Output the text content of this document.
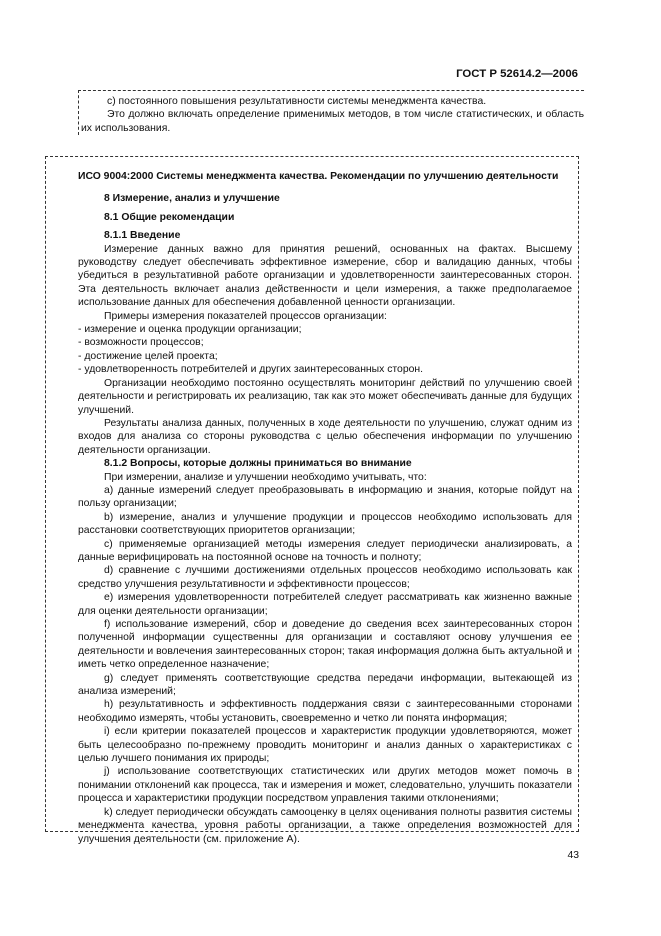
ГОСТ Р 52614.2—2006

c) постоянного повышения результативности системы менеджмента качества.

Это должно включать определение применимых методов, в том числе статистических, и область их использования.

ИСО 9004:2000 Системы менеджмента качества. Рекомендации по улучшению деятельности

8 Измерение, анализ и улучшение

8.1 Общие рекомендации

8.1.1 Введение

Измерение данных важно для принятия решений, основанных на фактах. Высшему руководству следует обеспечивать эффективное измерение, сбор и валидацию данных, чтобы убедиться в результативной работе организации и удовлетворенности заинтересованных сторон. Эта деятельность включает анализ действенности и цели измерения, а также предполагаемое использование данных для обеспечения добавленной ценности организации.

Примеры измерения показателей процессов организации:

- измерение и оценка продукции организации;

- возможности процессов;

- достижение целей проекта;

- удовлетворенность потребителей и других заинтересованных сторон.

Организации необходимо постоянно осуществлять мониторинг действий по улучшению своей деятельности и регистрировать их реализацию, так как это может обеспечивать данные для будущих улучшений.

Результаты анализа данных, полученных в ходе деятельности по улучшению, служат одним из входов для анализа со стороны руководства с целью обеспечения информации по улучшению деятельности организации.

8.1.2 Вопросы, которые должны приниматься во внимание

При измерении, анализе и улучшении необходимо учитывать, что:

a) данные измерений следует преобразовывать в информацию и знания, которые пойдут на пользу организации;

b) измерение, анализ и улучшение продукции и процессов необходимо использовать для расстановки соответствующих приоритетов организации;

c) применяемые организацией методы измерения следует периодически анализировать, а данные верифицировать на постоянной основе на точность и полноту;

d) сравнение с лучшими достижениями отдельных процессов необходимо использовать как средство улучшения результативности и эффективности процессов;

e) измерения удовлетворенности потребителей следует рассматривать как жизненно важные для оценки деятельности организации;

f) использование измерений, сбор и доведение до сведения всех заинтересованных сторон полученной информации существенны для организации и составляют основу улучшения ее деятельности и вовлечения заинтересованных сторон; такая информация должна быть актуальной и иметь четко определенное назначение;

g) следует применять соответствующие средства передачи информации, вытекающей из анализа измерений;

h) результативность и эффективность поддержания связи с заинтересованными сторонами необходимо измерять, чтобы установить, своевременно и четко ли понята информация;

i) если критерии показателей процессов и характеристик продукции удовлетворяются, может быть целесообразно по-прежнему проводить мониторинг и анализ данных о характеристиках с целью лучшего понимания их природы;

j) использование соответствующих статистических или других методов может помочь в понимании отклонений как процесса, так и измерения и может, следовательно, улучшить показатели процесса и характеристики продукции посредством управления такими отклонениями;

k) следует периодически обсуждать самооценку в целях оценивания полноты развития системы менеджмента качества, уровня работы организации, а также определения возможностей для улучшения деятельности (см. приложение А).

43
